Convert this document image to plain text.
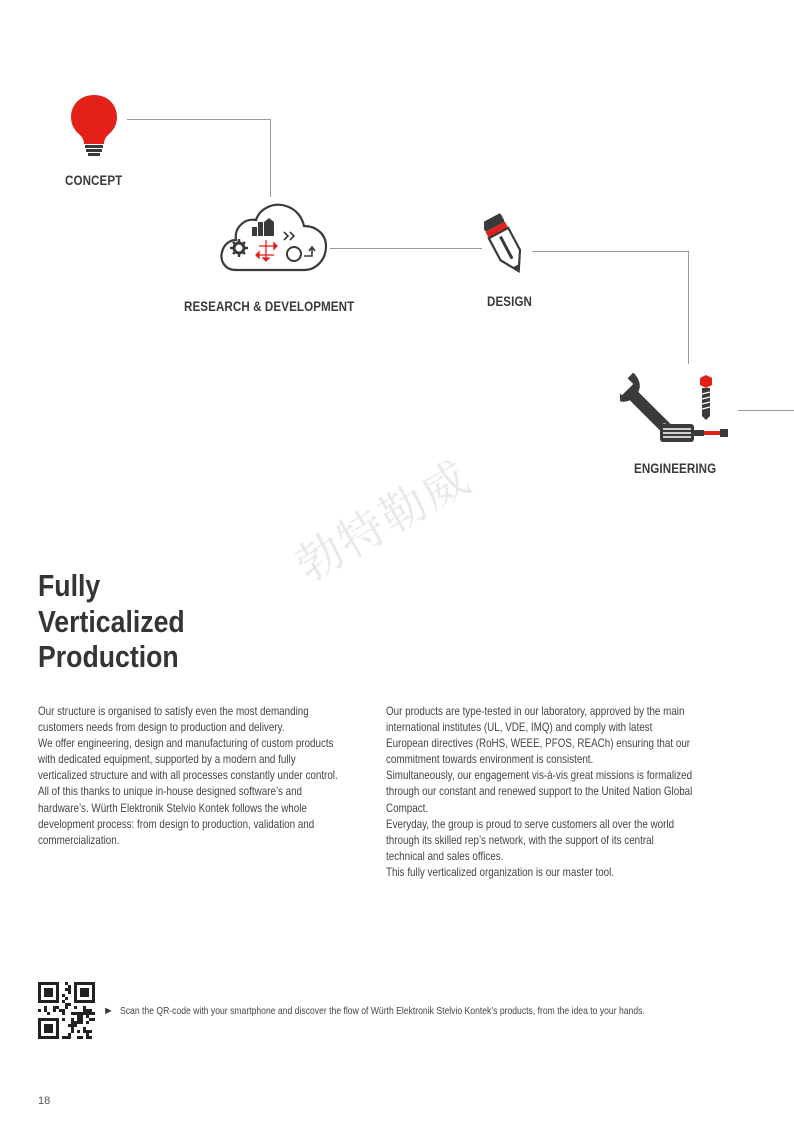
CONCEPT
RESEARCH & DEVELOPMENT	DESIGN
ENGINEERING
勃特勒威
Fully
Verticalized
Production

Our structure is organised to satisfy even the most demanding customers needs from design to production and delivery.

We offer engineering, design and manufacturing of custom products with dedicated equipment, supported by a modern and fully verticalized structure and with all processes constantly under control.

All of this thanks to unique in-house designed software’s and hardware’s. Würth Elektronik Stelvio Kontek follows the whole development process: from design to production, validation and commercialization.

Our products are type-tested in our laboratory, approved by the main international institutes (UL, VDE, IMQ) and comply with latest European directives (RoHS, WEEE, PFOS, REACh) ensuring that our commitment towards environment is consistent.

Simultaneously, our engagement vis-à-vis great missions is formalized through our constant and renewed support to the United Nation Global Compact.

Everyday, the group is proud to serve customers all over the world through its skilled rep’s network, with the support of its central technical and sales offices.

This fully verticalized organization is our master tool.

► Scan the QR-code with your smartphone and discover the flow of Würth Elektronik Stelvio Kontek’s products, from the idea to your hands.
18
